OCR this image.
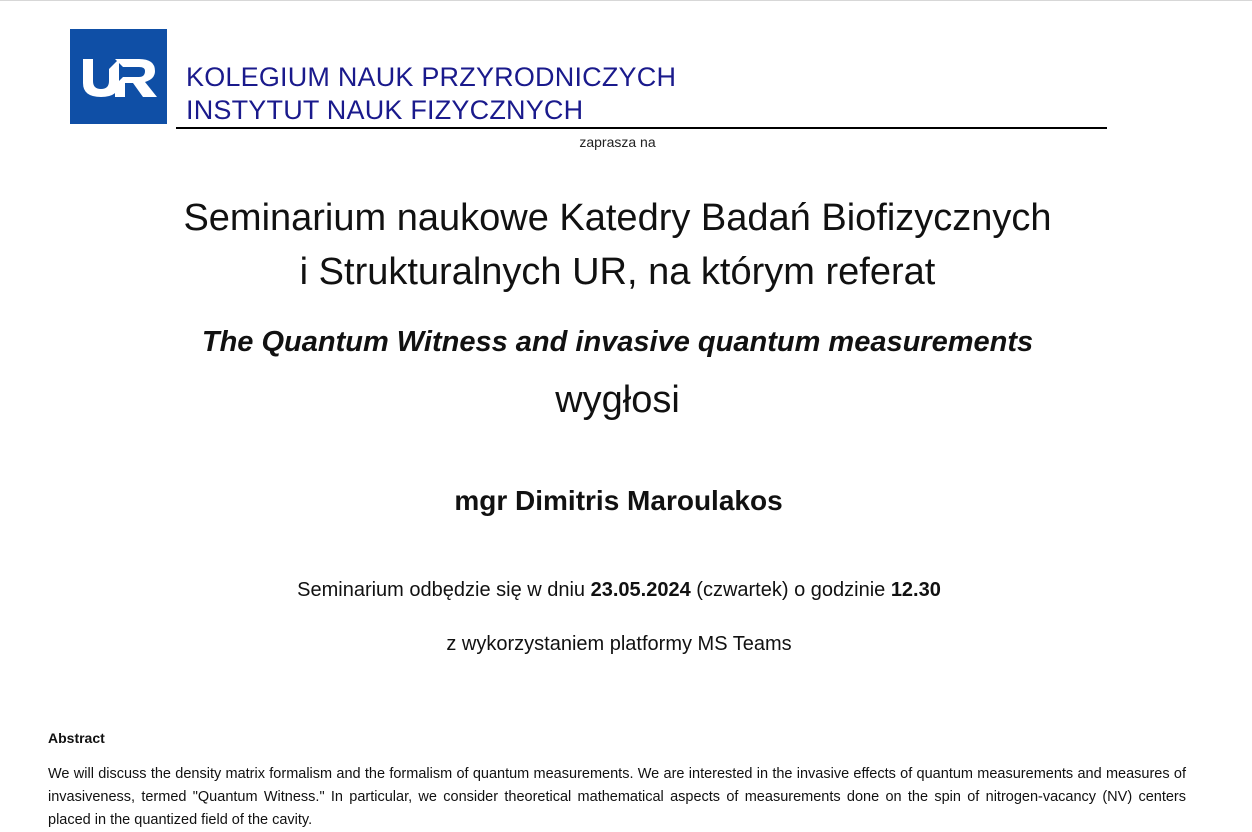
KOLEGIUM NAUK PRZYRODNICZYCH
INSTYTUT NAUK FIZYCZNYCH
zaprasza na
Seminarium naukowe Katedry Badań Biofizycznych
i Strukturalnych UR, na którym referat
The Quantum Witness and invasive quantum measurements
wygłosi
mgr Dimitris Maroulakos
Seminarium odbędzie się w dniu 23.05.2024 (czwartek) o godzinie 12.30
z wykorzystaniem platformy MS Teams
Abstract
We will discuss the density matrix formalism and the formalism of quantum measurements. We are interested in the invasive effects of quantum measurements and measures of invasiveness, termed "Quantum Witness." In particular, we consider theoretical mathematical aspects of measurements done on the spin of nitrogen-vacancy (NV) centers placed in the quantized field of the cavity.
